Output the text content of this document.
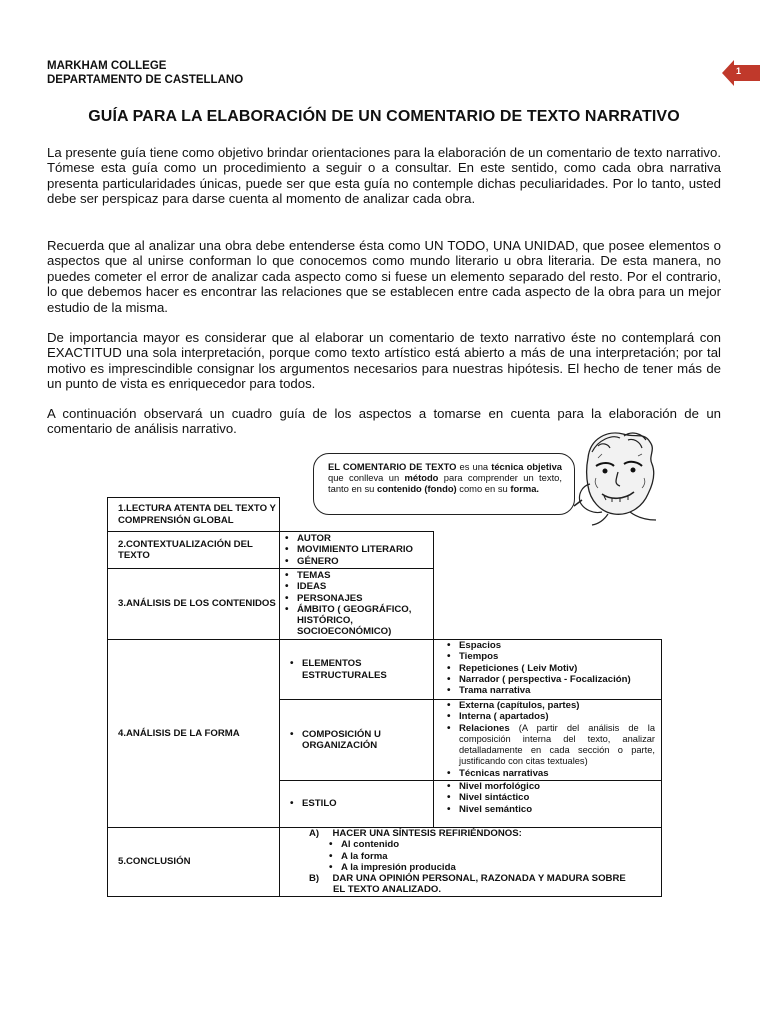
MARKHAM COLLEGE
DEPARTAMENTO DE CASTELLANO
1
GUÍA PARA LA ELABORACIÓN DE UN COMENTARIO DE TEXTO NARRATIVO

La presente guía tiene como objetivo brindar orientaciones para la elaboración de un comentario de texto narrativo. Tómese esta guía como un procedimiento a seguir o a consultar. En este sentido, como cada obra narrativa presenta particularidades únicas, puede ser que esta guía no contemple dichas peculiaridades. Por lo tanto, usted debe ser perspicaz para darse cuenta al momento de analizar cada obra.

Recuerda que al analizar una obra debe entenderse ésta como UN TODO, UNA UNIDAD, que posee elementos o aspectos que al unirse conforman lo que conocemos como mundo literario u obra literaria. De esta manera, no puedes cometer el error de analizar cada aspecto como si fuese un elemento separado del resto. Por el contrario, lo que debemos hacer es encontrar las relaciones que se establecen entre cada aspecto de la obra para un mejor estudio de la misma.

De importancia mayor es considerar que al elaborar un comentario de texto narrativo éste no contemplará con EXACTITUD una sola interpretación, porque como texto artístico está abierto a más de una interpretación; por tal motivo es imprescindible consignar los argumentos necesarios para nuestras hipótesis. El hecho de tener más de un punto de vista es enriquecedor para todos.

A continuación observará un cuadro guía de los aspectos a tomarse en cuenta para la elaboración de un comentario de análisis narrativo.

EL COMENTARIO DE TEXTO es una técnica objetiva que conlleva un método para comprender un texto, tanto en su contenido (fondo) como en su forma.
1.LECTURA ATENTA DEL TEXTO Y COMPRENSIÓN GLOBAL
2.CONTEXTUALIZACIÓN DEL TEXTO
• AUTOR
• MOVIMIENTO LITERARIO
• GÉNERO
3.ANÁLISIS DE LOS CONTENIDOS
• TEMAS
• IDEAS
• PERSONAJES
• ÁMBITO ( GEOGRÁFICO, HISTÓRICO, SOCIOECONÓMICO)
4.ANÁLISIS DE LA FORMA
• ELEMENTOS ESTRUCTURALES
• Espacios
• Tiempos
• Repeticiones ( Leiv Motiv)
• Narrador ( perspectiva - Focalización)
• Trama narrativa
• COMPOSICIÓN U ORGANIZACIÓN
• Externa (capítulos, partes)
• Interna ( apartados)
• Relaciones (A partir del análisis de la composición interna del texto, analizar detalladamente en cada sección o parte, justificando con citas textuales)
• Técnicas narrativas
• ESTILO
• Nivel morfológico
• Nivel sintáctico
• Nivel semántico
5.CONCLUSIÓN
A)     HACER UNA SÍNTESIS REFIRIÉNDONOS:
• Al contenido
• A la forma
• A la impresión producida
B)     DAR UNA OPINIÓN PERSONAL, RAZONADA Y MADURA SOBRE
EL TEXTO ANALIZADO.
